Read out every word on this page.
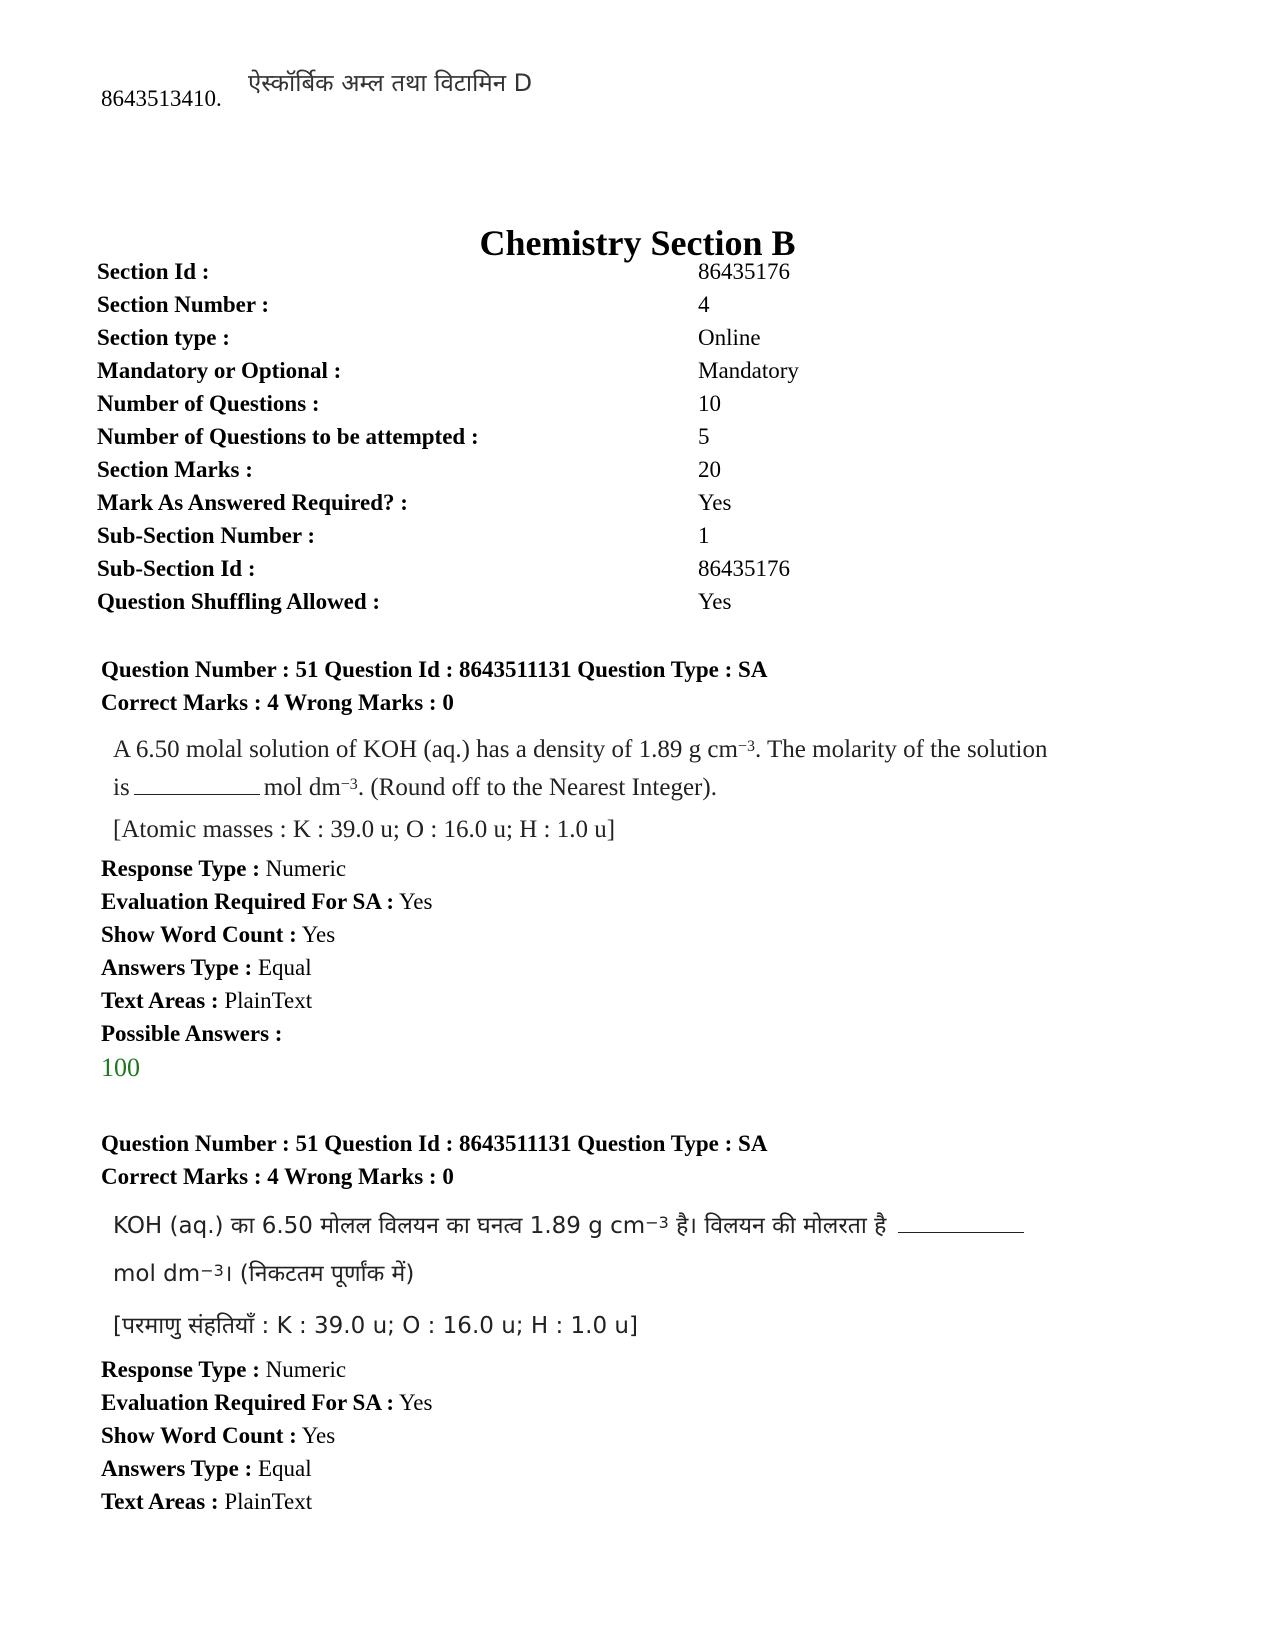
8643513410.
ऐस्कॉर्बिक अम्ल तथा विटामिन D
Chemistry Section B
Section Id :	86435176
Section Number :	4
Section type :	Online
Mandatory or Optional :	Mandatory
Number of Questions :	10
Number of Questions to be attempted :	5
Section Marks :	20
Mark As Answered Required? :	Yes
Sub-Section Number :	1
Sub-Section Id :	86435176
Question Shuffling Allowed :	Yes
Question Number : 51 Question Id : 8643511131 Question Type : SA
Correct Marks : 4 Wrong Marks : 0
A 6.50 molal solution of KOH (aq.) has a density of 1.89 g $cm^{-3}$. The molarity of the solution
is	mol $dm^{-3}$. (Round off to the Nearest Integer).
[Atomic masses : K : 39.0 u; O : 16.0 u; H : 1.0 u]
Response Type : Numeric
Evaluation Required For SA : Yes
Show Word Count : Yes
Answers Type : Equal
Text Areas : PlainText
Possible Answers :
100
Question Number : 51 Question Id : 8643511131 Question Type : SA
Correct Marks : 4 Wrong Marks : 0
KOH (aq.) का 6.50 मोलल विलयन का घनत्व 1.89 g $cm^{-3}$ है। विलयन की मोलरता है
mol $dm^{-3}।$ (निकटतम पूर्णांक में)
[परमाणु संहतियाँ : K : 39.0 u; O : 16.0 u; H : 1.0 u]
Response Type : Numeric
Evaluation Required For SA : Yes
Show Word Count : Yes
Answers Type : Equal
Text Areas : PlainText
